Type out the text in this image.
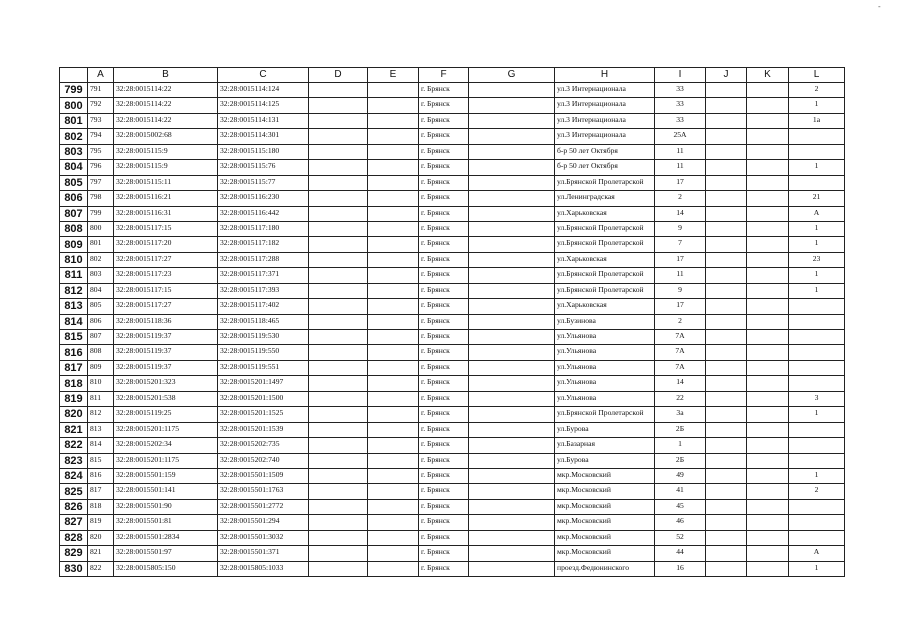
-
	A	B	C	D	E	F	G	H	I	J	K	L
799	791	32:28:0015114:22	32:28:0015114:124			г. Брянск		ул.3 Интернационала	33			2
800	792	32:28:0015114:22	32:28:0015114:125			г. Брянск		ул.3 Интернационала	33			1
801	793	32:28:0015114:22	32:28:0015114:131			г. Брянск		ул.3 Интернационала	33			1а
802	794	32:28:0015002:68	32:28:0015114:301			г. Брянск		ул.3 Интернационала	25А			
803	795	32:28:0015115:9	32:28:0015115:180			г. Брянск		б-р 50 лет Октября	11			
804	796	32:28:0015115:9	32:28:0015115:76			г. Брянск		б-р 50 лет Октября	11			1
805	797	32:28:0015115:11	32:28:0015115:77			г. Брянск		ул.Брянской Пролетарской	17			
806	798	32:28:0015116:21	32:28:0015116:230			г. Брянск		ул.Ленинградская	2			21
807	799	32:28:0015116:31	32:28:0015116:442			г. Брянск		ул.Харьковская	14			А
808	800	32:28:0015117:15	32:28:0015117:180			г. Брянск		ул.Брянской Пролетарской	9			1
809	801	32:28:0015117:20	32:28:0015117:182			г. Брянск		ул.Брянской Пролетарской	7			1
810	802	32:28:0015117:27	32:28:0015117:288			г. Брянск		ул.Харьковская	17			23
811	803	32:28:0015117:23	32:28:0015117:371			г. Брянск		ул.Брянской Пролетарской	11			1
812	804	32:28:0015117:15	32:28:0015117:393			г. Брянск		ул.Брянской Пролетарской	9			1
813	805	32:28:0015117:27	32:28:0015117:402			г. Брянск		ул.Харьковская	17			
814	806	32:28:0015118:36	32:28:0015118:465			г. Брянск		ул.Бузинова	2			
815	807	32:28:0015119:37	32:28:0015119:530			г. Брянск		ул.Ульянова	7А			
816	808	32:28:0015119:37	32:28:0015119:550			г. Брянск		ул.Ульянова	7А			
817	809	32:28:0015119:37	32:28:0015119:551			г. Брянск		ул.Ульянова	7А			
818	810	32:28:0015201:323	32:28:0015201:1497			г. Брянск		ул.Ульянова	14			
819	811	32:28:0015201:538	32:28:0015201:1500			г. Брянск		ул.Ульянова	22			3
820	812	32:28:0015119:25	32:28:0015201:1525			г. Брянск		ул.Брянской Пролетарской	3а			1
821	813	32:28:0015201:1175	32:28:0015201:1539			г. Брянск		ул.Бурова	2Б			
822	814	32:28:0015202:34	32:28:0015202:735			г. Брянск		ул.Базарная	1			
823	815	32:28:0015201:1175	32:28:0015202:740			г. Брянск		ул.Бурова	2Б			
824	816	32:28:0015501:159	32:28:0015501:1509			г. Брянск		мкр.Московский	49			1
825	817	32:28:0015501:141	32:28:0015501:1763			г. Брянск		мкр.Московский	41			2
826	818	32:28:0015501:90	32:28:0015501:2772			г. Брянск		мкр.Московский	45			
827	819	32:28:0015501:81	32:28:0015501:294			г. Брянск		мкр.Московский	46			
828	820	32:28:0015501:2834	32:28:0015501:3032			г. Брянск		мкр.Московский	52			
829	821	32:28:0015501:97	32:28:0015501:371			г. Брянск		мкр.Московский	44			А
830	822	32:28:0015805:150	32:28:0015805:1033			г. Брянск		проезд.Федюнинского	16			1
